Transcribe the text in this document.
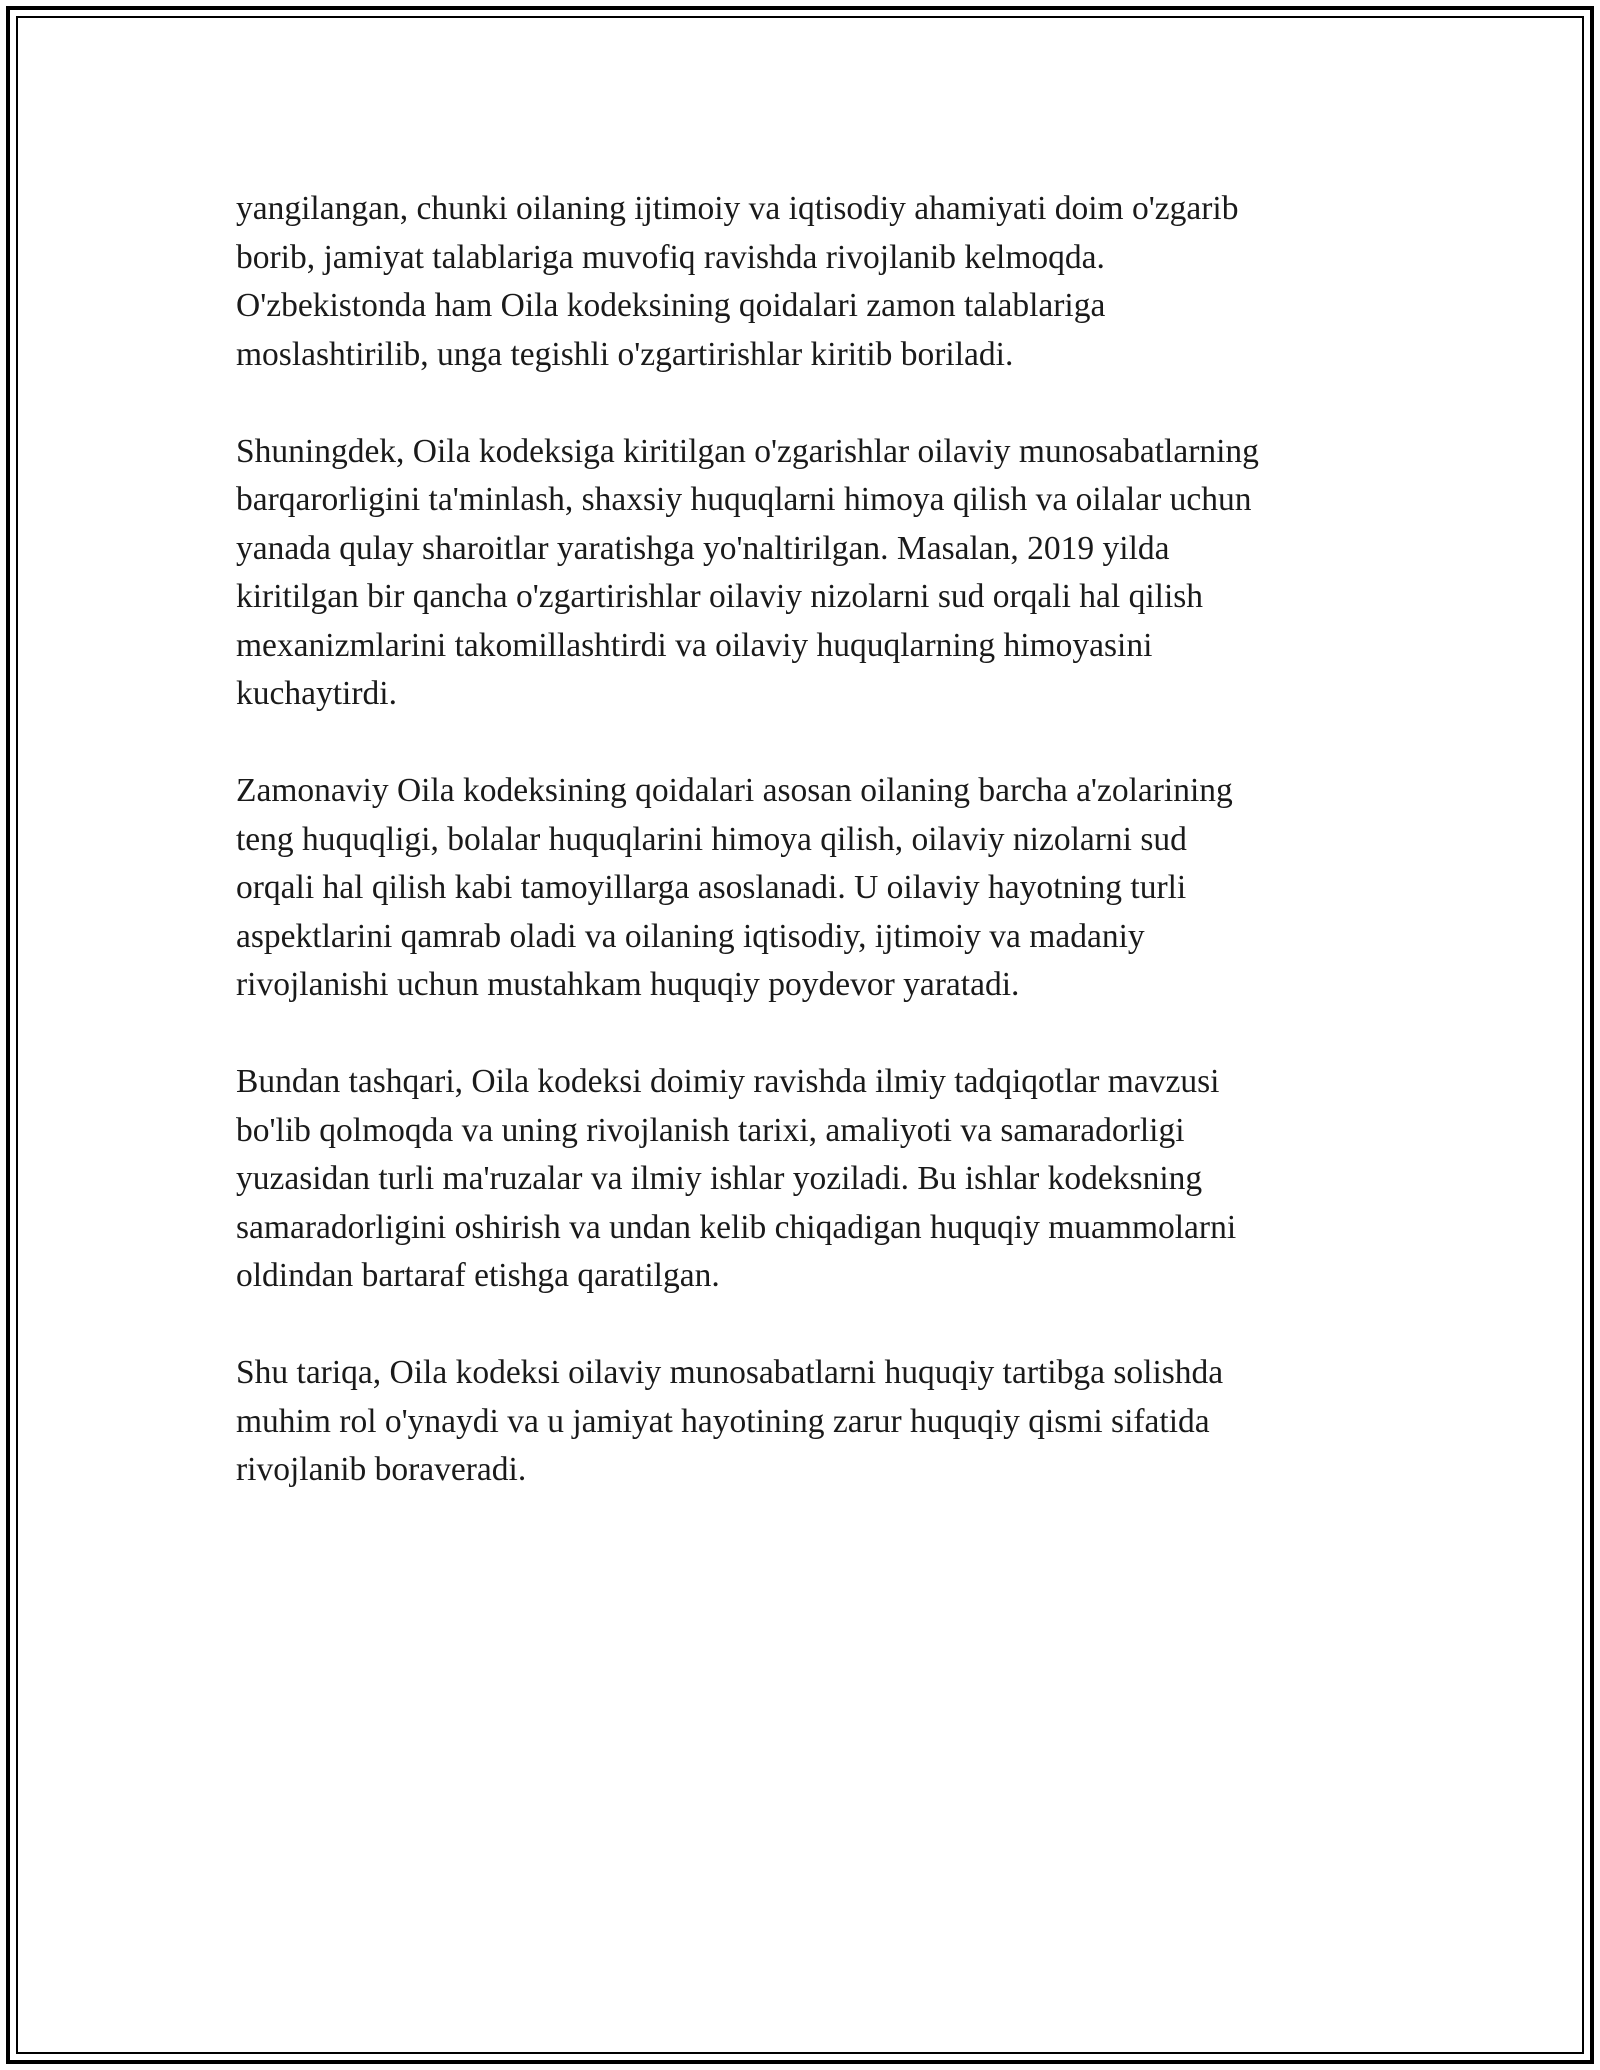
yangilangan, chunki oilaning ijtimoiy va iqtisodiy ahamiyati doim o'zgarib
borib, jamiyat talablariga muvofiq ravishda rivojlanib kelmoqda.
O'zbekistonda ham Oila kodeksining qoidalari zamon talablariga
moslashtirilib, unga tegishli o'zgartirishlar kiritib boriladi.

Shuningdek, Oila kodeksiga kiritilgan o'zgarishlar oilaviy munosabatlarning
barqarorligini ta'minlash, shaxsiy huquqlarni himoya qilish va oilalar uchun
yanada qulay sharoitlar yaratishga yo'naltirilgan. Masalan, 2019 yilda
kiritilgan bir qancha o'zgartirishlar oilaviy nizolarni sud orqali hal qilish
mexanizmlarini takomillashtirdi va oilaviy huquqlarning himoyasini
kuchaytirdi.

Zamonaviy Oila kodeksining qoidalari asosan oilaning barcha a'zolarining
teng huquqligi, bolalar huquqlarini himoya qilish, oilaviy nizolarni sud
orqali hal qilish kabi tamoyillarga asoslanadi. U oilaviy hayotning turli
aspektlarini qamrab oladi va oilaning iqtisodiy, ijtimoiy va madaniy
rivojlanishi uchun mustahkam huquqiy poydevor yaratadi.

Bundan tashqari, Oila kodeksi doimiy ravishda ilmiy tadqiqotlar mavzusi
bo'lib qolmoqda va uning rivojlanish tarixi, amaliyoti va samaradorligi
yuzasidan turli ma'ruzalar va ilmiy ishlar yoziladi. Bu ishlar kodeksning
samaradorligini oshirish va undan kelib chiqadigan huquqiy muammolarni
oldindan bartaraf etishga qaratilgan.

Shu tariqa, Oila kodeksi oilaviy munosabatlarni huquqiy tartibga solishda
muhim rol o'ynaydi va u jamiyat hayotining zarur huquqiy qismi sifatida
rivojlanib boraveradi.
